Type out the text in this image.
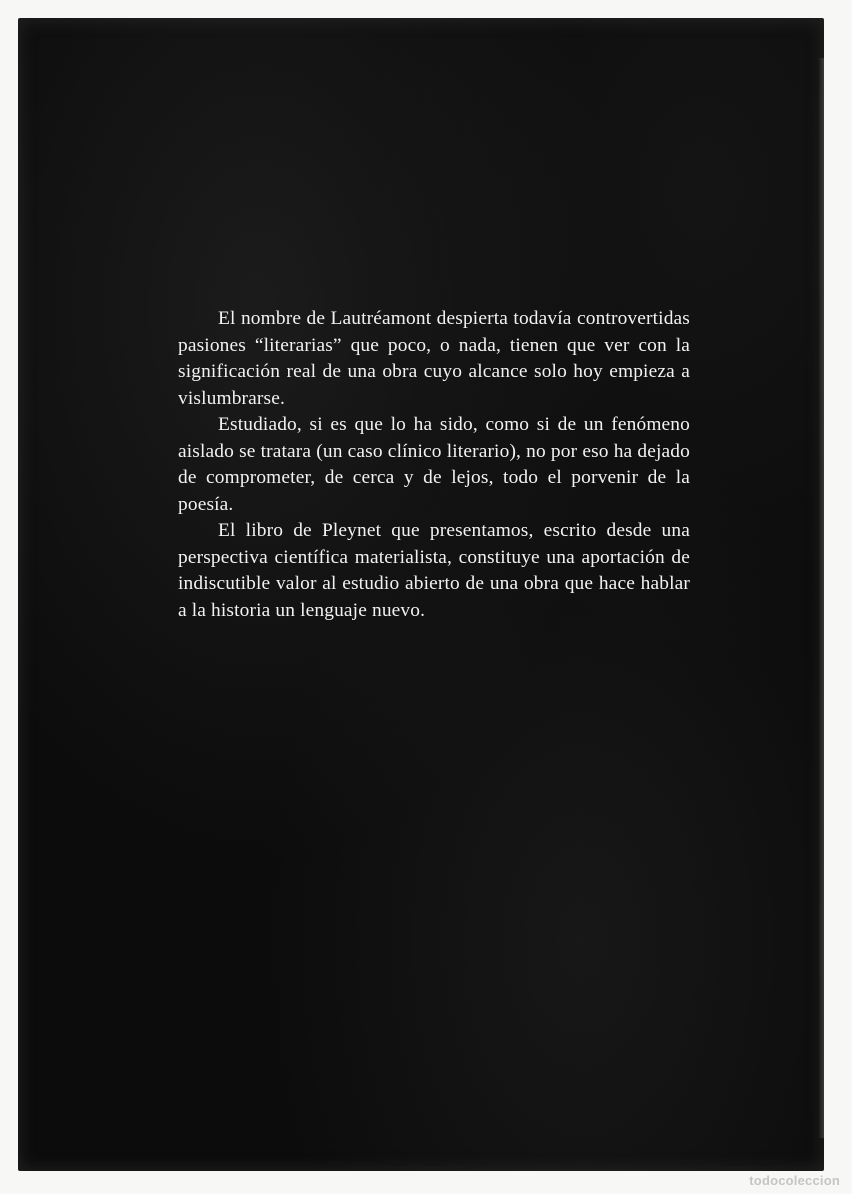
El nombre de Lautréamont despierta todavía controvertidas pasiones “literarias” que poco, o nada, tienen que ver con la significación real de una obra cuyo alcance solo hoy empieza a vislumbrarse.

Estudiado, si es que lo ha sido, como si de un fenómeno aislado se tratara (un caso clínico literario), no por eso ha dejado de comprometer, de cerca y de lejos, todo el porvenir de la poesía.

El libro de Pleynet que presentamos, escrito desde una perspectiva científica materialista, constituye una aportación de indiscutible valor al estudio abierto de una obra que hace hablar a la historia un lenguaje nuevo.

todocoleccion
